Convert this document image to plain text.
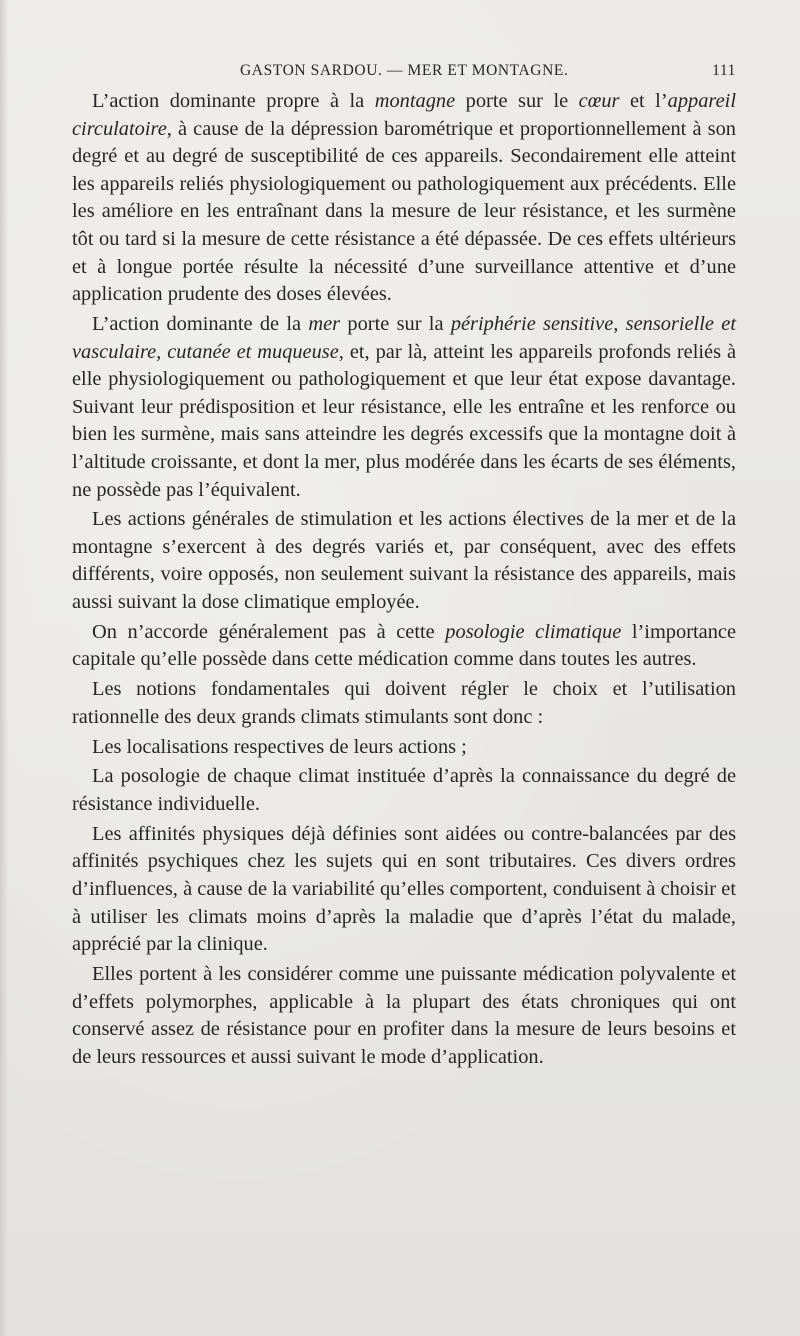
GASTON SARDOU. — MER ET MONTAGNE.	111

L’action dominante propre à la montagne porte sur le cœur et l’appareil circulatoire, à cause de la dépression barométrique et proportionnellement à son degré et au degré de susceptibilité de ces appareils. Secondairement elle atteint les appareils reliés physiologiquement ou pathologiquement aux précédents. Elle les améliore en les entraînant dans la mesure de leur résistance, et les surmène tôt ou tard si la mesure de cette résistance a été dépassée. De ces effets ultérieurs et à longue portée résulte la nécessité d’une surveillance attentive et d’une application prudente des doses élevées.

L’action dominante de la mer porte sur la périphérie sensitive, sensorielle et vasculaire, cutanée et muqueuse, et, par là, atteint les appareils profonds reliés à elle physiologiquement ou pathologiquement et que leur état expose davantage. Suivant leur prédisposition et leur résistance, elle les entraîne et les renforce ou bien les surmène, mais sans atteindre les degrés excessifs que la montagne doit à l’altitude croissante, et dont la mer, plus modérée dans les écarts de ses éléments, ne possède pas l’équivalent.

Les actions générales de stimulation et les actions électives de la mer et de la montagne s’exercent à des degrés variés et, par conséquent, avec des effets différents, voire opposés, non seulement suivant la résistance des appareils, mais aussi suivant la dose climatique employée.

On n’accorde généralement pas à cette posologie climatique l’importance capitale qu’elle possède dans cette médication comme dans toutes les autres.

Les notions fondamentales qui doivent régler le choix et l’utilisation rationnelle des deux grands climats stimulants sont donc :

Les localisations respectives de leurs actions ;

La posologie de chaque climat instituée d’après la connaissance du degré de résistance individuelle.

Les affinités physiques déjà définies sont aidées ou contre-balancées par des affinités psychiques chez les sujets qui en sont tributaires. Ces divers ordres d’influences, à cause de la variabilité qu’elles comportent, conduisent à choisir et à utiliser les climats moins d’après la maladie que d’après l’état du malade, apprécié par la clinique.

Elles portent à les considérer comme une puissante médication polyvalente et d’effets polymorphes, applicable à la plupart des états chroniques qui ont conservé assez de résistance pour en profiter dans la mesure de leurs besoins et de leurs ressources et aussi suivant le mode d’application.
